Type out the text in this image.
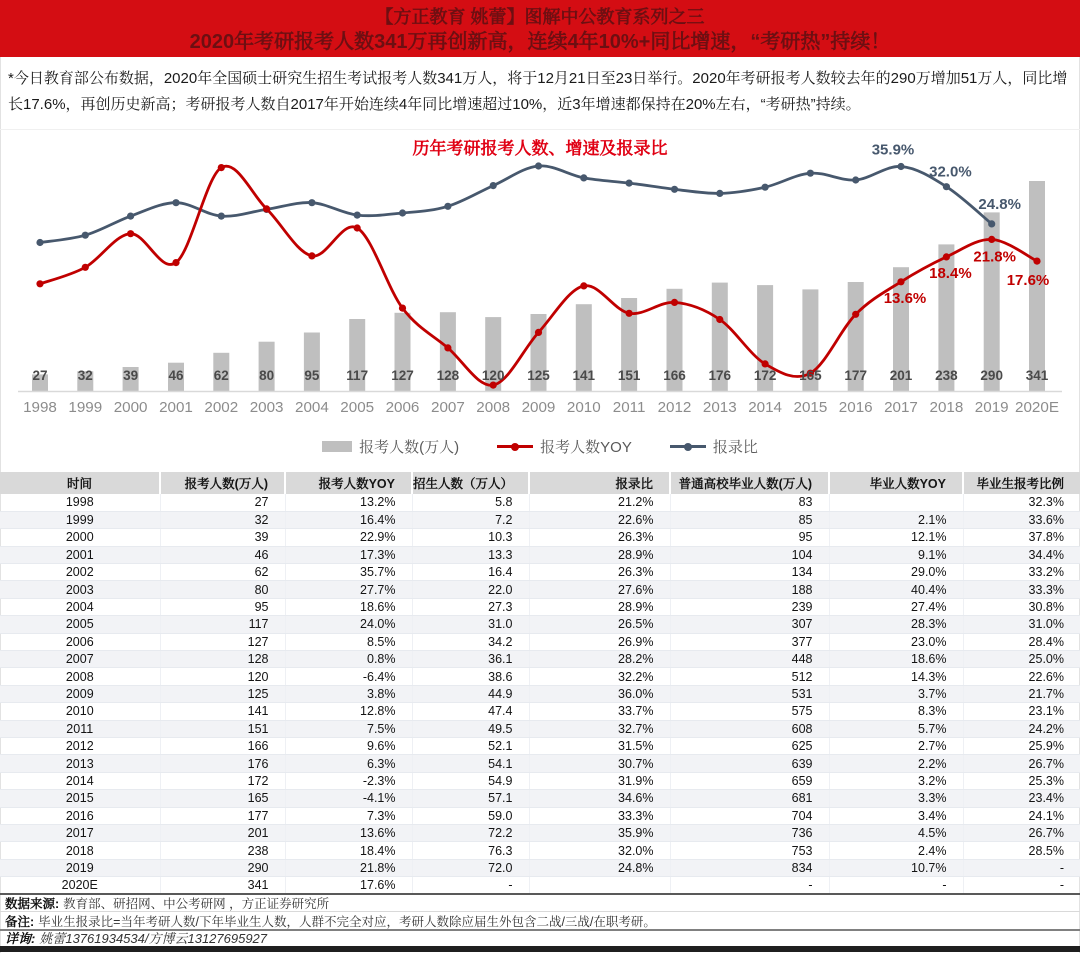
【方正教育 姚蕾】图解中公教育系列之三
2020年考研报考人数341万再创新高，连续4年10%+同比增速，“考研热”持续！
*今日教育部公布数据，2020年全国硕士研究生招生考试报考人数341万人，将于12月21日至23日举行。2020年考研报考人数较去年的290万增加51万人，同比增长17.6%，再创历史新高；考研报考人数自2017年开始连续4年同比增速超过10%，近3年增速都保持在20%左右，“考研热”持续。
历年考研报考人数、增速及报录比
27 32 39 46 62 80 95 117 127 128 120 125 141 151 166 176 172 165 177 201 238 290 341
1998 1999 2000 2001 2002 2003 2004 2005 2006 2007 2008 2009 2010 2011 2012 2013 2014 2015 2016 2017 2018 2019 2020E
35.9%
32.0%
24.8%
13.6%
18.4%
21.8%
17.6%
报考人数(万人)	报考人数YOY	报录比
时间	报考人数(万人)	报考人数YOY	招生人数（万人）	报录比	普通高校毕业人数(万人)	毕业人数YOY	毕业生报考比例
1998	27	13.2%	5.8	21.2%	83		32.3%
1999	32	16.4%	7.2	22.6%	85	2.1%	33.6%
2000	39	22.9%	10.3	26.3%	95	12.1%	37.8%
2001	46	17.3%	13.3	28.9%	104	9.1%	34.4%
2002	62	35.7%	16.4	26.3%	134	29.0%	33.2%
2003	80	27.7%	22.0	27.6%	188	40.4%	33.3%
2004	95	18.6%	27.3	28.9%	239	27.4%	30.8%
2005	117	24.0%	31.0	26.5%	307	28.3%	31.0%
2006	127	8.5%	34.2	26.9%	377	23.0%	28.4%
2007	128	0.8%	36.1	28.2%	448	18.6%	25.0%
2008	120	-6.4%	38.6	32.2%	512	14.3%	22.6%
2009	125	3.8%	44.9	36.0%	531	3.7%	21.7%
2010	141	12.8%	47.4	33.7%	575	8.3%	23.1%
2011	151	7.5%	49.5	32.7%	608	5.7%	24.2%
2012	166	9.6%	52.1	31.5%	625	2.7%	25.9%
2013	176	6.3%	54.1	30.7%	639	2.2%	26.7%
2014	172	-2.3%	54.9	31.9%	659	3.2%	25.3%
2015	165	-4.1%	57.1	34.6%	681	3.3%	23.4%
2016	177	7.3%	59.0	33.3%	704	3.4%	24.1%
2017	201	13.6%	72.2	35.9%	736	4.5%	26.7%
2018	238	18.4%	76.3	32.0%	753	2.4%	28.5%
2019	290	21.8%	72.0	24.8%	834	10.7%	-
2020E	341	17.6%	-		-	-	-
数据来源: 教育部、研招网、中公考研网 ，方正证券研究所
备注: 毕业生报录比=当年考研人数/下年毕业生人数，人群不完全对应，考研人数除应届生外包含二战/三战/在职考研。
详询: 姚蕾13761934534/方博云13127695927
